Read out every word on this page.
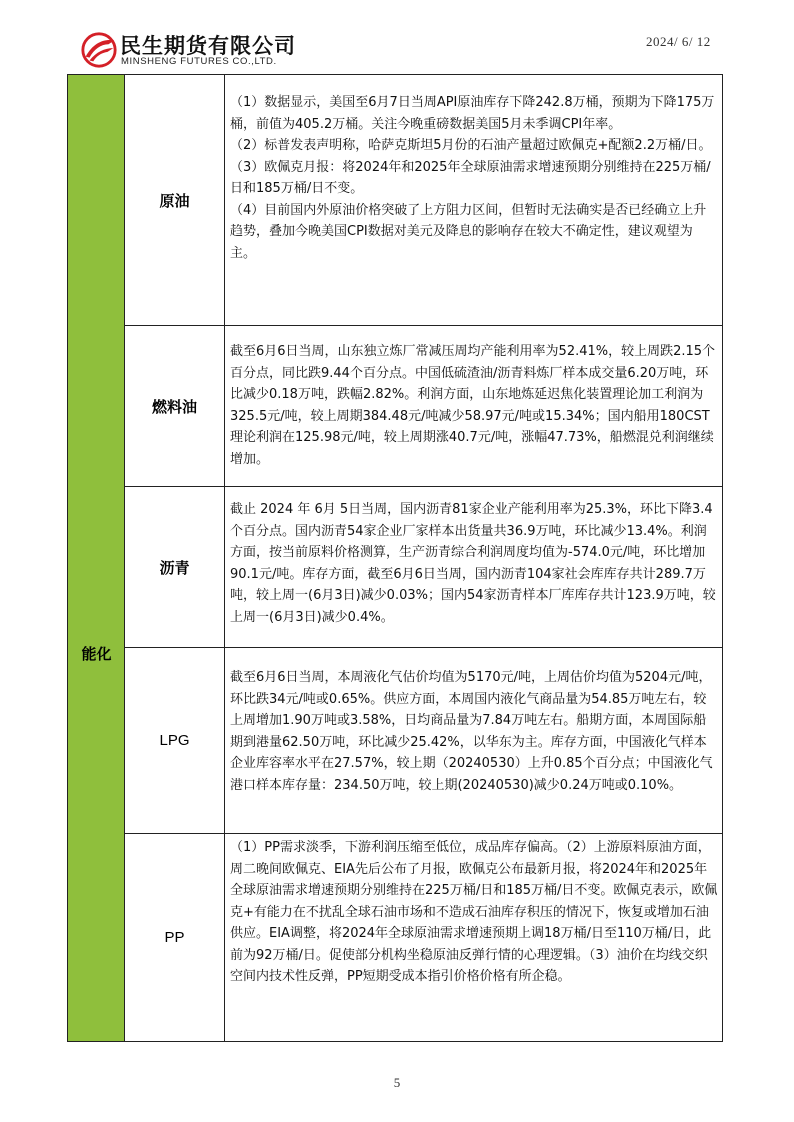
民生期货有限公司
MINSHENG FUTURES CO.,LTD.
2024/ 6/ 12
能化
原油

（1）数据显示，美国至6月7日当周API原油库存下降242.8万桶，预期为下降175万桶，前值为405.2万桶。关注今晚重磅数据美国5月未季调CPI年率。

（2）标普发表声明称，哈萨克斯坦5月份的石油产量超过欧佩克+配额2.2万桶/日。

（3）欧佩克月报：将2024年和2025年全球原油需求增速预期分别维持在225万桶/日和185万桶/日不变。

（4）目前国内外原油价格突破了上方阻力区间，但暂时无法确实是否已经确立上升趋势，叠加今晚美国CPI数据对美元及降息的影响存在较大不确定性，建议观望为主。

燃料油

截至6月6日当周，山东独立炼厂常减压周均产能利用率为52.41%，较上周跌2.15个百分点，同比跌9.44个百分点。中国低硫渣油/沥青料炼厂样本成交量6.20万吨，环比减少0.18万吨，跌幅2.82%。利润方面，山东地炼延迟焦化装置理论加工利润为325.5元/吨，较上周期384.48元/吨减少58.97元/吨或15.34%；国内船用180CST理论利润在125.98元/吨，较上周期涨40.7元/吨，涨幅47.73%，船燃混兑利润继续增加。

沥青

截止 2024 年 6月 5日当周，国内沥青81家企业产能利用率为25.3%，环比下降3.4个百分点。国内沥青54家企业厂家样本出货量共36.9万吨，环比减少13.4%。利润方面，按当前原料价格测算，生产沥青综合利润周度均值为-574.0元/吨，环比增加90.1元/吨。库存方面，截至6月6日当周，国内沥青104家社会库库存共计289.7万吨，较上周一(6月3日)减少0.03%；国内54家沥青样本厂库库存共计123.9万吨，较上周一(6月3日)减少0.4%。

LPG

截至6月6日当周，本周液化气估价均值为5170元/吨，上周估价均值为5204元/吨，环比跌34元/吨或0.65%。供应方面，本周国内液化气商品量为54.85万吨左右，较上周增加1.90万吨或3.58%，日均商品量为7.84万吨左右。船期方面，本周国际船期到港量62.50万吨，环比减少25.42%，以华东为主。库存方面，中国液化气样本企业库容率水平在27.57%，较上期（20240530）上升0.85个百分点；中国液化气港口样本库存量：234.50万吨，较上期(20240530)减少0.24万吨或0.10%。

PP

（1）PP需求淡季，下游利润压缩至低位，成品库存偏高。（2）上游原料原油方面，周二晚间欧佩克、EIA先后公布了月报，欧佩克公布最新月报，将2024年和2025年全球原油需求增速预期分别维持在225万桶/日和185万桶/日不变。欧佩克表示，欧佩克+有能力在不扰乱全球石油市场和不造成石油库存积压的情况下，恢复或增加石油供应。EIA调整，将2024年全球原油需求增速预期上调18万桶/日至110万桶/日，此前为92万桶/日。促使部分机构坐稳原油反弹行情的心理逻辑。（3）油价在均线交织空间内技术性反弹，PP短期受成本指引价格价格有所企稳。

5
